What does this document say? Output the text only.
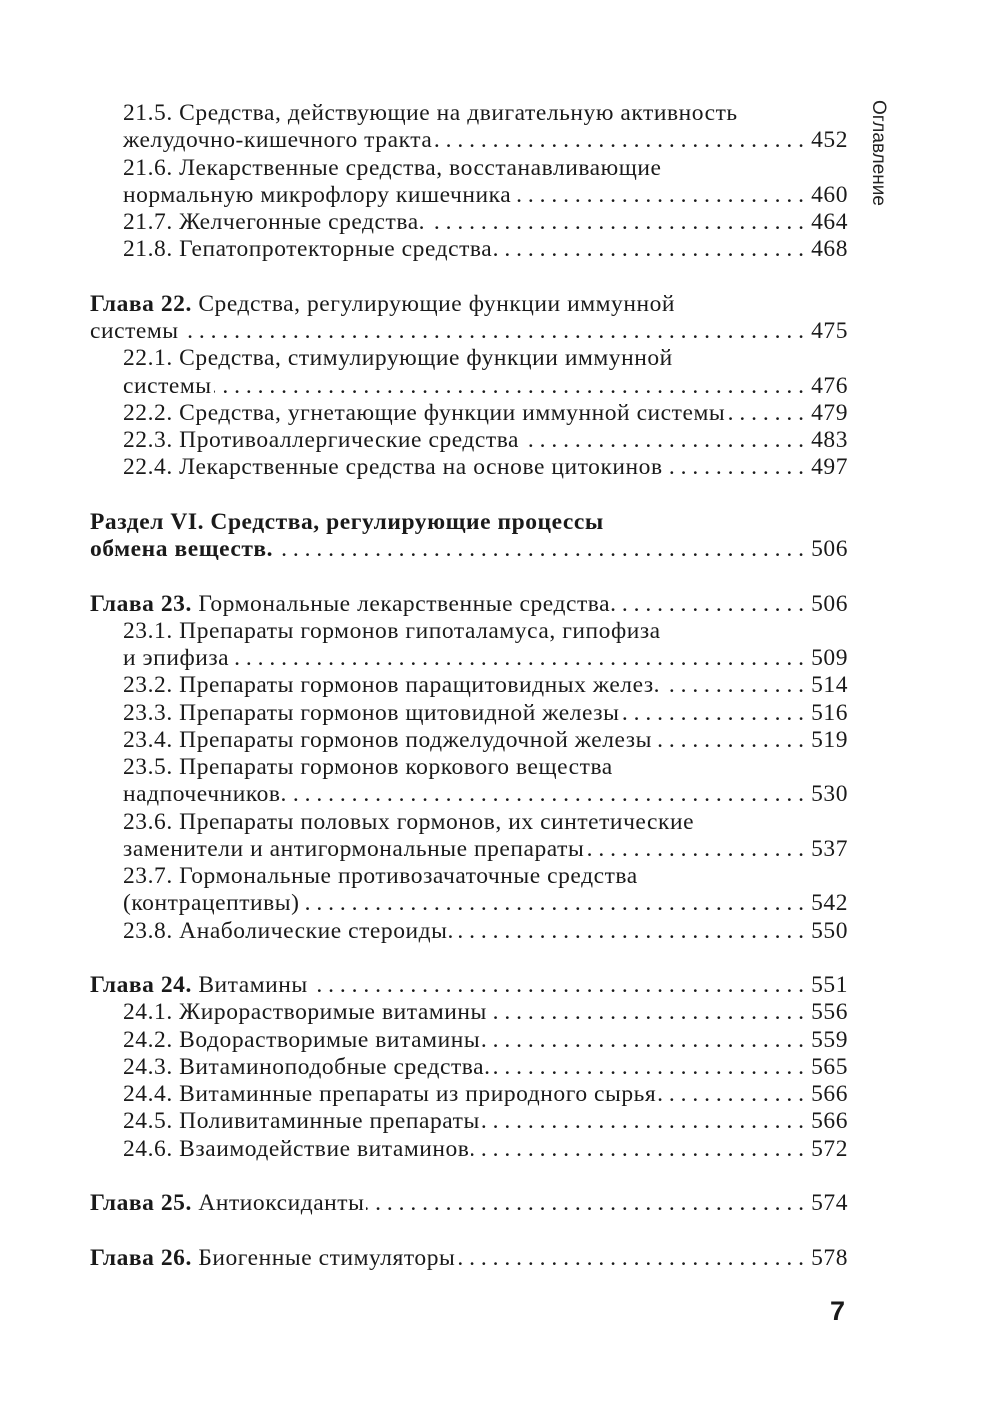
21.5. Средства, действующие на двигательную активность
желудочно-кишечного тракта . . .	452
21.6. Лекарственные средства, восстанавливающие
нормальную микрофлору кишечника . . .	460
21.7. Желчегонные средства. . . .	464
21.8. Гепатопротекторные средства . . .	468
Глава 22. Средства, регулирующие функции иммунной
системы . . .	475
22.1. Средства, стимулирующие функции иммунной
системы . . .	476
22.2. Средства, угнетающие функции иммунной системы . . .	479
22.3. Противоаллергические средства . . .	483
22.4. Лекарственные средства на основе цитокинов . . .	497
Раздел VI. Средства, регулирующие процессы
обмена веществ. . . .	506
Глава 23. Гормональные лекарственные средства. . . .	506
23.1. Препараты гормонов гипоталамуса, гипофиза
и эпифиза . . .	509
23.2. Препараты гормонов паращитовидных желез. . . .	514
23.3. Препараты гормонов щитовидной железы . . .	516
23.4. Препараты гормонов поджелудочной железы . . .	519
23.5. Препараты гормонов коркового вещества
надпочечников. . . .	530
23.6. Препараты половых гормонов, их синтетические
заменители и антигормональные препараты . . .	537
23.7. Гормональные противозачаточные средства
(контрацептивы) . . .	542
23.8. Анаболические стероиды. . . .	550
Глава 24. Витамины . . .	551
24.1. Жирорастворимые витамины . . .	556
24.2. Водорастворимые витамины . . .	559
24.3. Витаминоподобные средства. . . .	565
24.4. Витаминные препараты из природного сырья . . .	566
24.5. Поливитаминные препараты . . .	566
24.6. Взаимодействие витаминов . . .	572
Глава 25. Антиоксиданты . . .	574
Глава 26. Биогенные стимуляторы . . .	578
Оглавление
7
